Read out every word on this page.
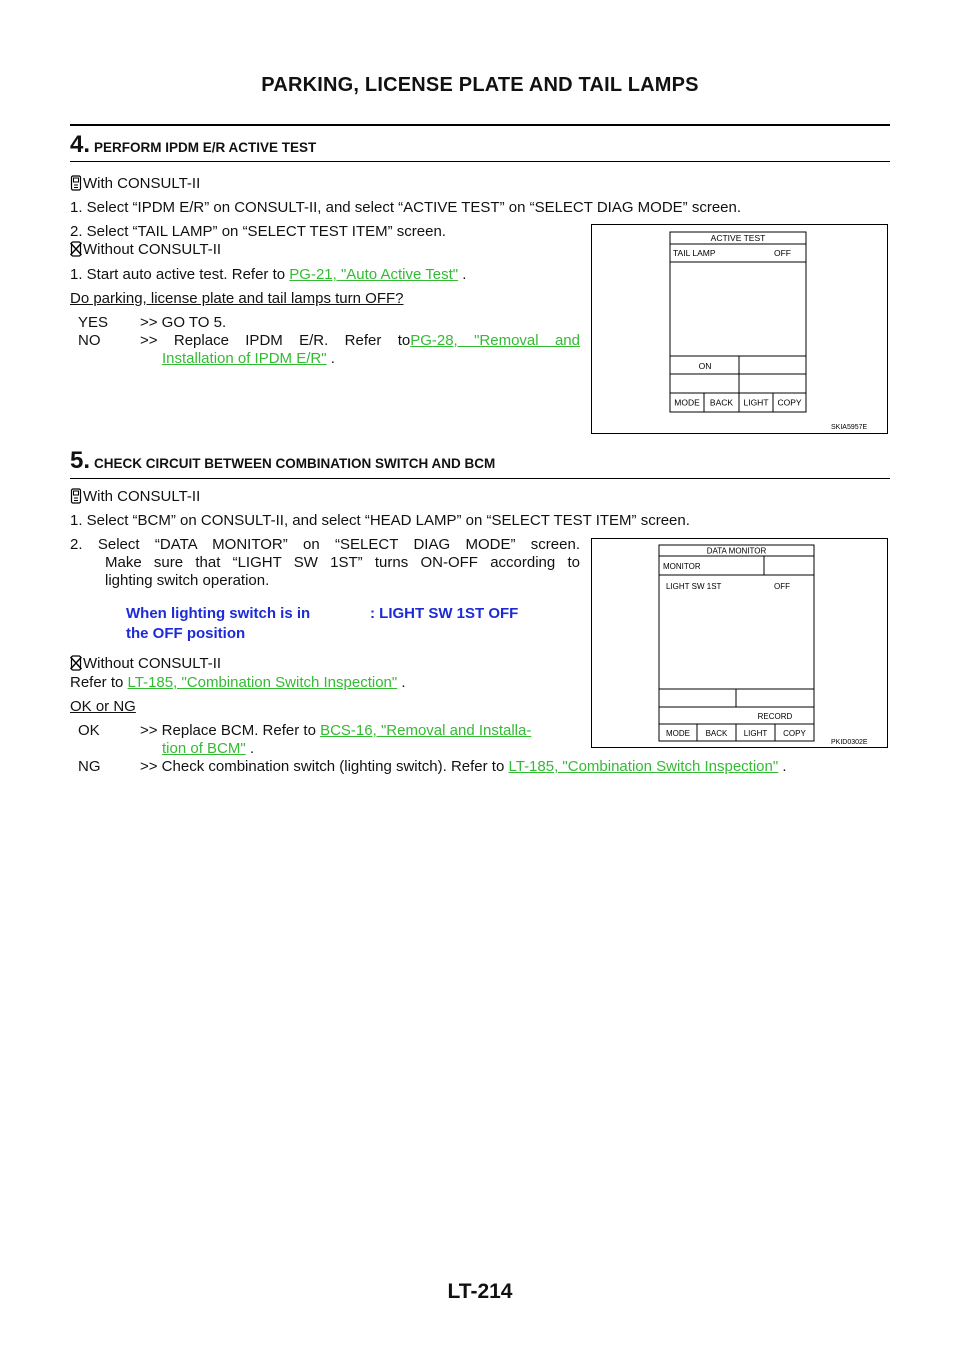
PARKING, LICENSE PLATE AND TAIL LAMPS
4. PERFORM IPDM E/R ACTIVE TEST
With CONSULT-II
1. Select “IPDM E/R” on CONSULT-II, and select “ACTIVE TEST” on “SELECT DIAG MODE” screen.
2. Select “TAIL LAMP” on “SELECT TEST ITEM” screen.
Without CONSULT-II
1. Start auto active test. Refer to PG-21, "Auto Active Test" .
Do parking, license plate and tail lamps turn OFF?
YES >> GO TO 5.
NO	>> Replace IPDM E/R. Refer toPG-28, "Removal and
Installation of IPDM E/R" .
ACTIVE TEST
TAIL LAMP	OFF
ON
MODE BACK LIGHT COPY
SKIA5957E
5. CHECK CIRCUIT BETWEEN COMBINATION SWITCH AND BCM
With CONSULT-II
1. Select “BCM” on CONSULT-II, and select “HEAD LAMP” on “SELECT TEST ITEM” screen.
2. Select “DATA MONITOR” on “SELECT DIAG MODE” screen.
Make sure that “LIGHT SW 1ST” turns ON-OFF according to
lighting switch operation.
When lighting switch is in
the OFF position
: LIGHT SW 1ST OFF
Without CONSULT-II
Refer to LT-185, "Combination Switch Inspection" .
OK or NG
OK	>> Replace BCM. Refer to BCS-16, "Removal and Installa-
tion of BCM" .
NG	>> Check combination switch (lighting switch). Refer to LT-185, "Combination Switch Inspection" .
DATA MONITOR
MONITOR
LIGHT SW 1ST	OFF
RECORD
MODE BACK LIGHT COPY
PKID0302E
LT-214
